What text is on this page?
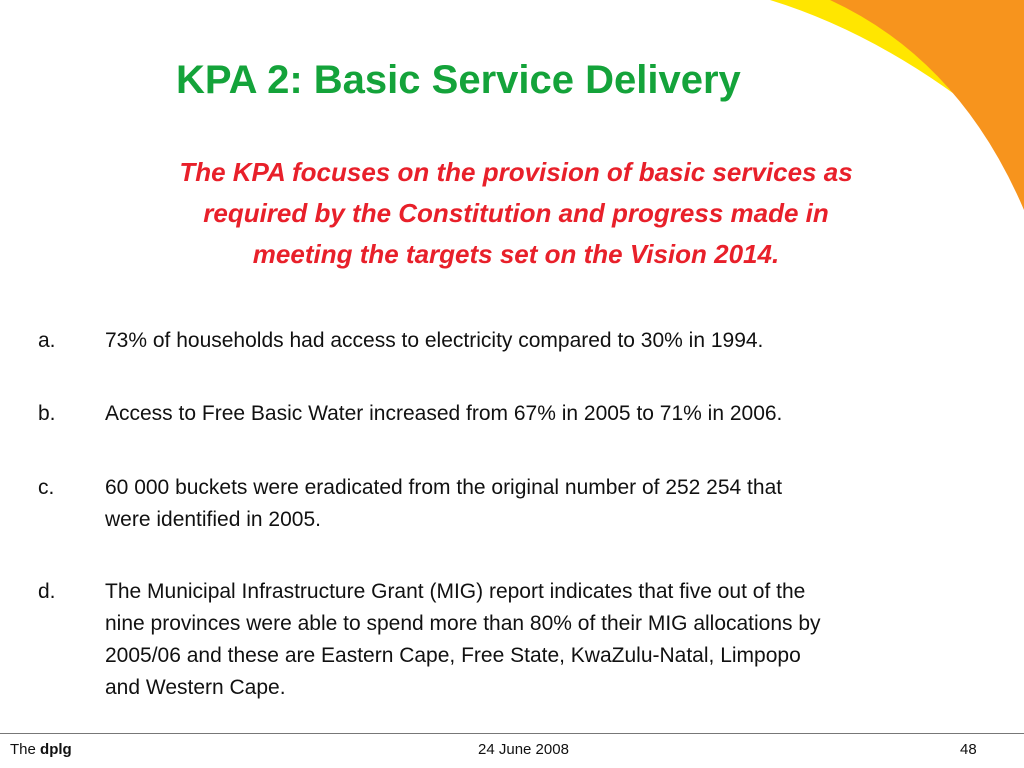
KPA 2: Basic Service Delivery
The KPA focuses on the provision of basic services as
required by the Constitution and progress made in
meeting the targets set on the Vision 2014.
a. 73% of households had access to electricity compared to 30% in 1994.
b. Access to Free Basic Water increased from 67% in 2005 to 71% in 2006.
c. 60 000 buckets were eradicated from the original number of 252 254 that
were identified in 2005.
d. The Municipal Infrastructure Grant (MIG) report indicates that five out of the
nine provinces were able to spend more than 80% of their MIG allocations by
2005/06 and these are Eastern Cape, Free State, KwaZulu-Natal, Limpopo
and Western Cape.
The dplg	24 June 2008	48
